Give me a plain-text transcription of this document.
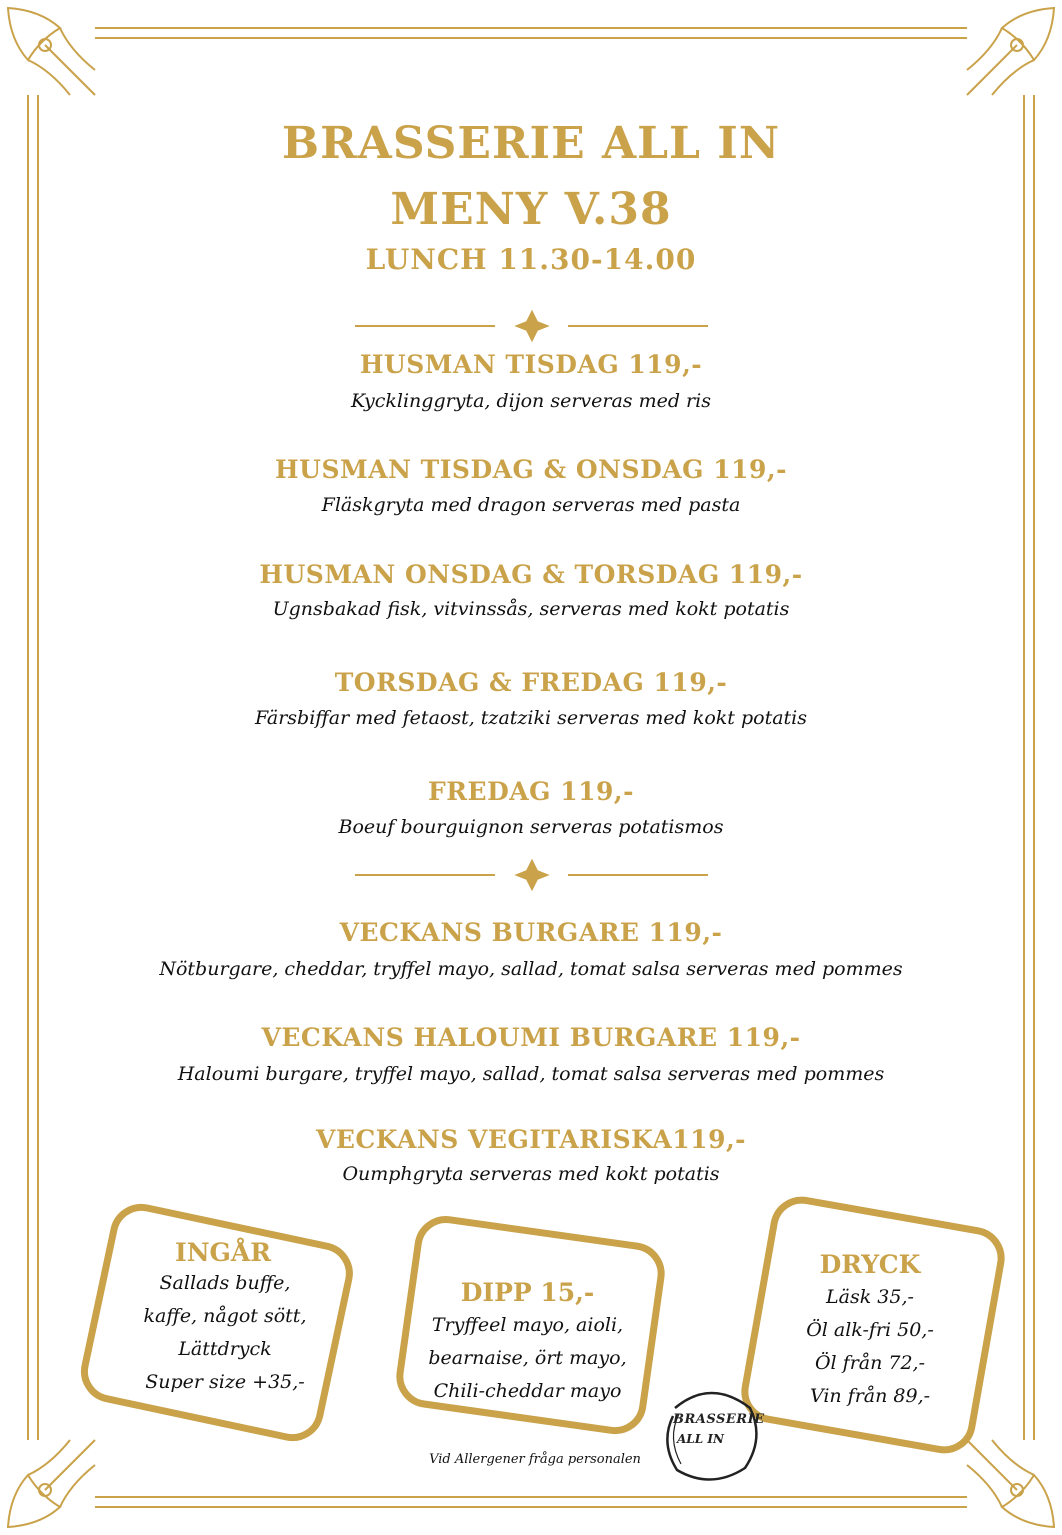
BRASSERIE ALL IN
MENY V.38
LUNCH 11.30-14.00
HUSMAN TISDAG 119,-
Kycklinggryta, dijon serveras med ris
HUSMAN TISDAG & ONSDAG 119,-
Fläskgryta med dragon serveras med pasta
HUSMAN ONSDAG & TORSDAG 119,-
Ugnsbakad fisk, vitvinssås, serveras med kokt potatis
TORSDAG & FREDAG 119,-
Färsbiffar med fetaost, tzatziki serveras med kokt potatis
FREDAG 119,-
Boeuf bourguignon serveras potatismos
VECKANS BURGARE 119,-
Nötburgare, cheddar, tryffel mayo, sallad, tomat salsa serveras med pommes
VECKANS HALOUMI BURGARE 119,-
Haloumi burgare, tryffel mayo, sallad, tomat salsa serveras med pommes
VECKANS VEGITARISKA119,-
Oumphgryta serveras med kokt potatis
INGÅR
Sallads buffe,
kaffe, något sött,
Lättdryck
Super size +35,-
DIPP 15,-
Tryffeel mayo, aioli,
bearnaise, ört mayo,
Chili-cheddar mayo
DRYCK
Läsk 35,-
Öl alk-fri 50,-
Öl från 72,-
Vin från 89,-
BRASSERIE
ALL IN
Vid Allergener fråga personalen
